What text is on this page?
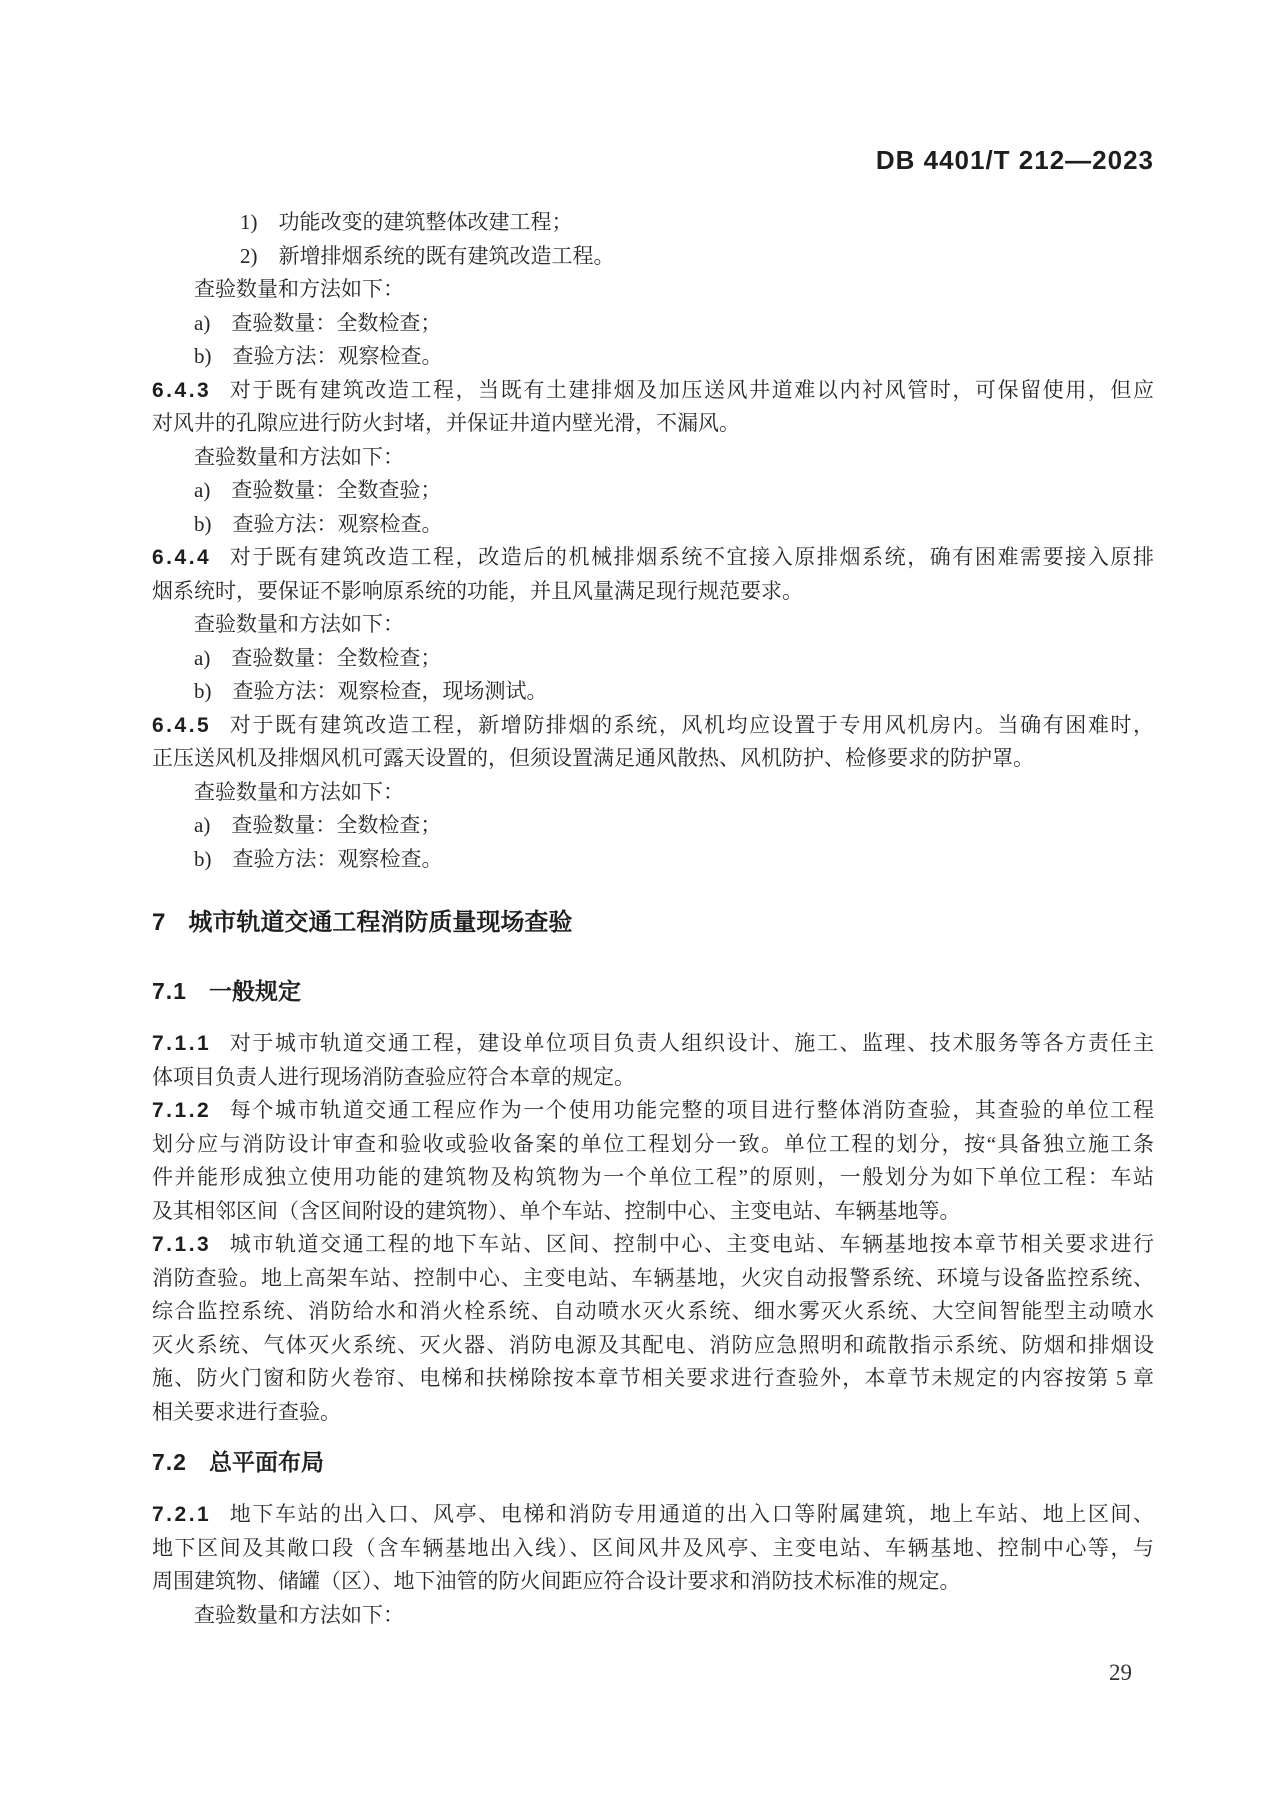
DB 4401/T 212—2023
1)　功能改变的建筑整体改建工程；
2)　新增排烟系统的既有建筑改造工程。
查验数量和方法如下：
a)　查验数量：全数检查；
b)　查验方法：观察检查。
6.4.3 对于既有建筑改造工程，当既有土建排烟及加压送风井道难以内衬风管时，可保留使用，但应
对风井的孔隙应进行防火封堵，并保证井道内壁光滑，不漏风。
查验数量和方法如下：
a)　查验数量：全数查验；
b)　查验方法：观察检查。
6.4.4 对于既有建筑改造工程，改造后的机械排烟系统不宜接入原排烟系统，确有困难需要接入原排
烟系统时，要保证不影响原系统的功能，并且风量满足现行规范要求。
查验数量和方法如下：
a)　查验数量：全数检查；
b)　查验方法：观察检查，现场测试。
6.4.5 对于既有建筑改造工程，新增防排烟的系统，风机均应设置于专用风机房内。当确有困难时，
正压送风机及排烟风机可露天设置的，但须设置满足通风散热、风机防护、检修要求的防护罩。
查验数量和方法如下：
a)　查验数量：全数检查；
b)　查验方法：观察检查。
7 城市轨道交通工程消防质量现场查验
7.1 一般规定
7.1.1 对于城市轨道交通工程，建设单位项目负责人组织设计、施工、监理、技术服务等各方责任主
体项目负责人进行现场消防查验应符合本章的规定。
7.1.2 每个城市轨道交通工程应作为一个使用功能完整的项目进行整体消防查验，其查验的单位工程
划分应与消防设计审查和验收或验收备案的单位工程划分一致。单位工程的划分，按“具备独立施工条
件并能形成独立使用功能的建筑物及构筑物为一个单位工程”的原则，一般划分为如下单位工程：车站
及其相邻区间（含区间附设的建筑物）、单个车站、控制中心、主变电站、车辆基地等。
7.1.3 城市轨道交通工程的地下车站、区间、控制中心、主变电站、车辆基地按本章节相关要求进行
消防查验。地上高架车站、控制中心、主变电站、车辆基地，火灾自动报警系统、环境与设备监控系统、
综合监控系统、消防给水和消火栓系统、自动喷水灭火系统、细水雾灭火系统、大空间智能型主动喷水
灭火系统、气体灭火系统、灭火器、消防电源及其配电、消防应急照明和疏散指示系统、防烟和排烟设
施、防火门窗和防火卷帘、电梯和扶梯除按本章节相关要求进行查验外，本章节未规定的内容按第 5 章
相关要求进行查验。
7.2 总平面布局
7.2.1 地下车站的出入口、风亭、电梯和消防专用通道的出入口等附属建筑，地上车站、地上区间、
地下区间及其敞口段（含车辆基地出入线）、区间风井及风亭、主变电站、车辆基地、控制中心等，与
周围建筑物、储罐（区）、地下油管的防火间距应符合设计要求和消防技术标准的规定。
查验数量和方法如下：
29
